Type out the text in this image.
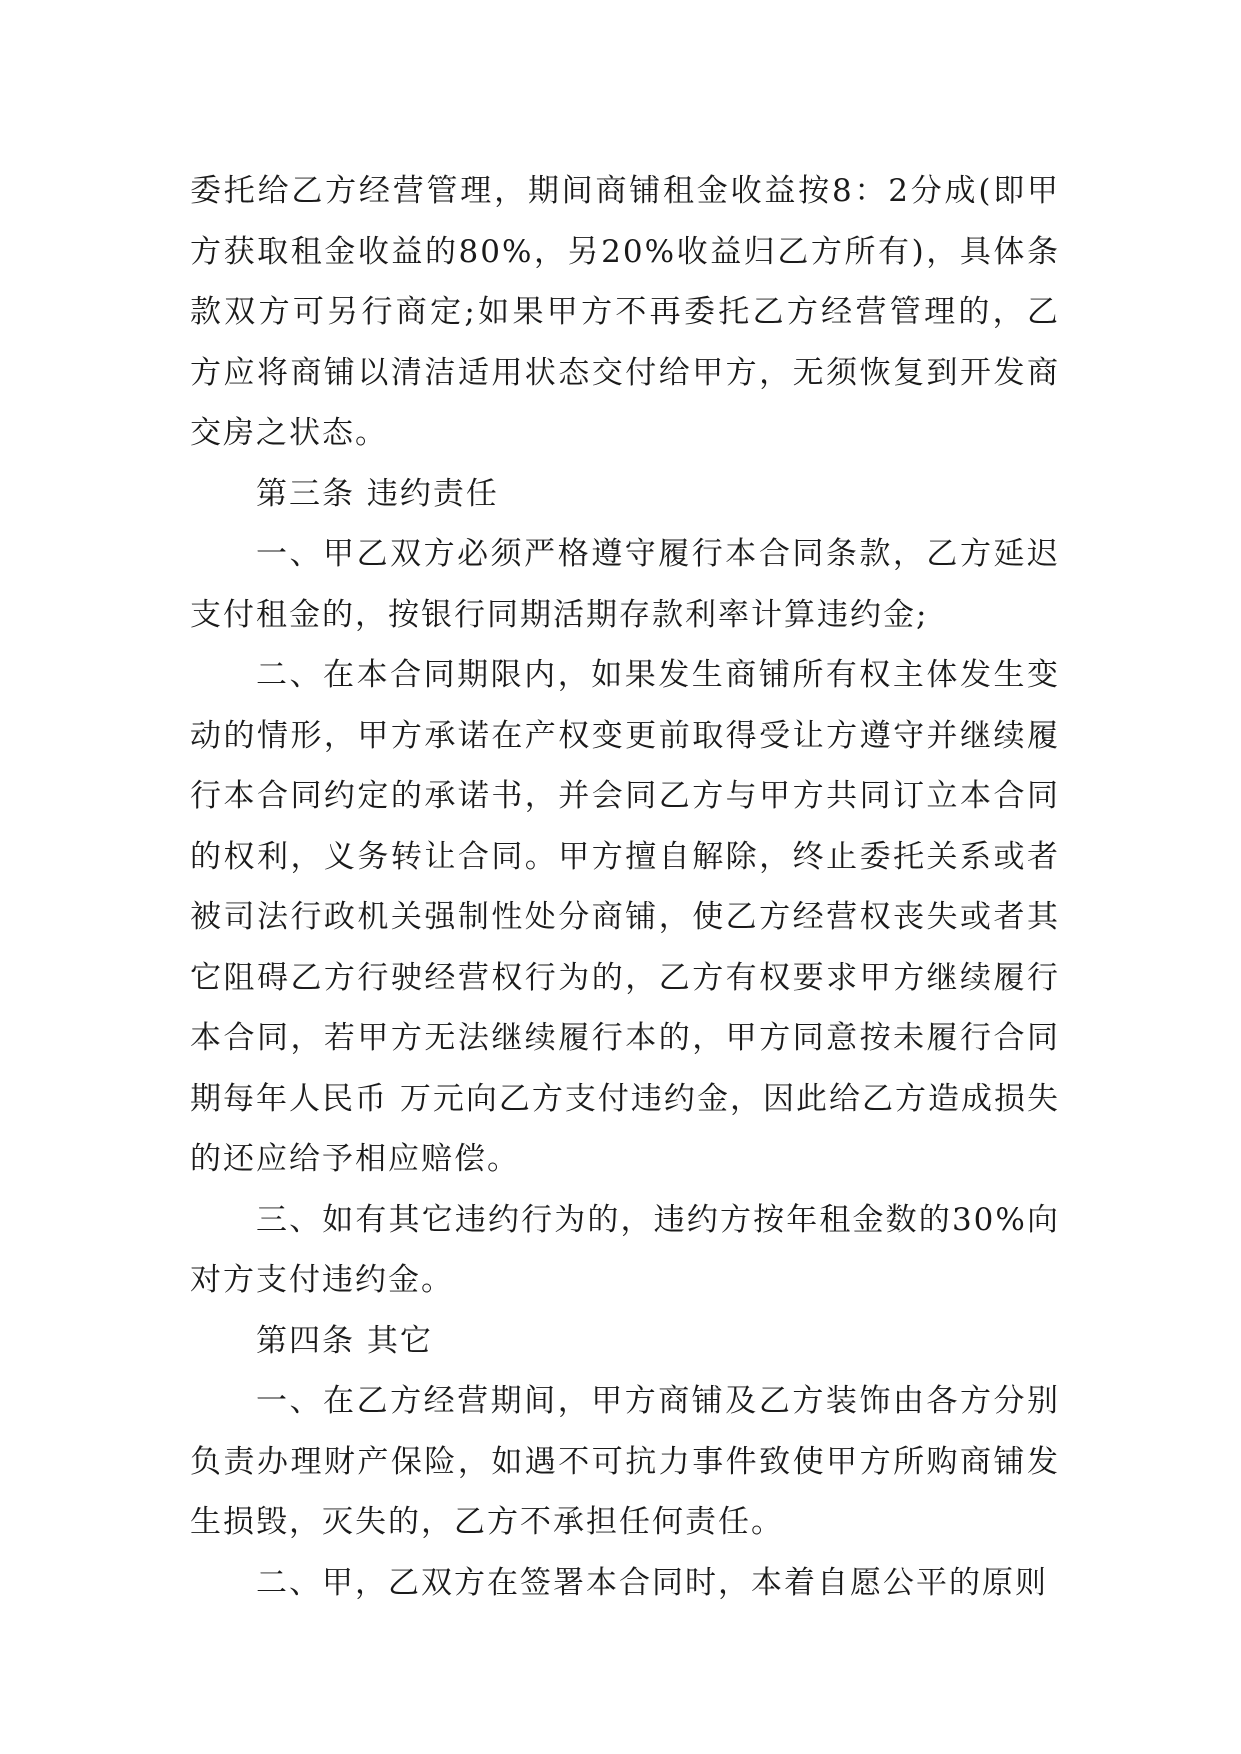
委托给乙方经营管理，期间商铺租金收益按8：2分成(即甲方获取租金收益的80%，另20%收益归乙方所有)，具体条款双方可另行商定;如果甲方不再委托乙方经营管理的，乙方应将商铺以清洁适用状态交付给甲方，无须恢复到开发商交房之状态。

第三条 违约责任

一、甲乙双方必须严格遵守履行本合同条款，乙方延迟支付租金的，按银行同期活期存款利率计算违约金;

二、在本合同期限内，如果发生商铺所有权主体发生变动的情形，甲方承诺在产权变更前取得受让方遵守并继续履行本合同约定的承诺书，并会同乙方与甲方共同订立本合同的权利，义务转让合同。甲方擅自解除，终止委托关系或者被司法行政机关强制性处分商铺，使乙方经营权丧失或者其它阻碍乙方行驶经营权行为的，乙方有权要求甲方继续履行本合同，若甲方无法继续履行本的，甲方同意按未履行合同期每年人民币 万元向乙方支付违约金，因此给乙方造成损失的还应给予相应赔偿。

三、如有其它违约行为的，违约方按年租金数的30%向对方支付违约金。

第四条 其它

一、在乙方经营期间，甲方商铺及乙方装饰由各方分别负责办理财产保险，如遇不可抗力事件致使甲方所购商铺发生损毁，灭失的，乙方不承担任何责任。

二、甲，乙双方在签署本合同时，本着自愿公平的原则
